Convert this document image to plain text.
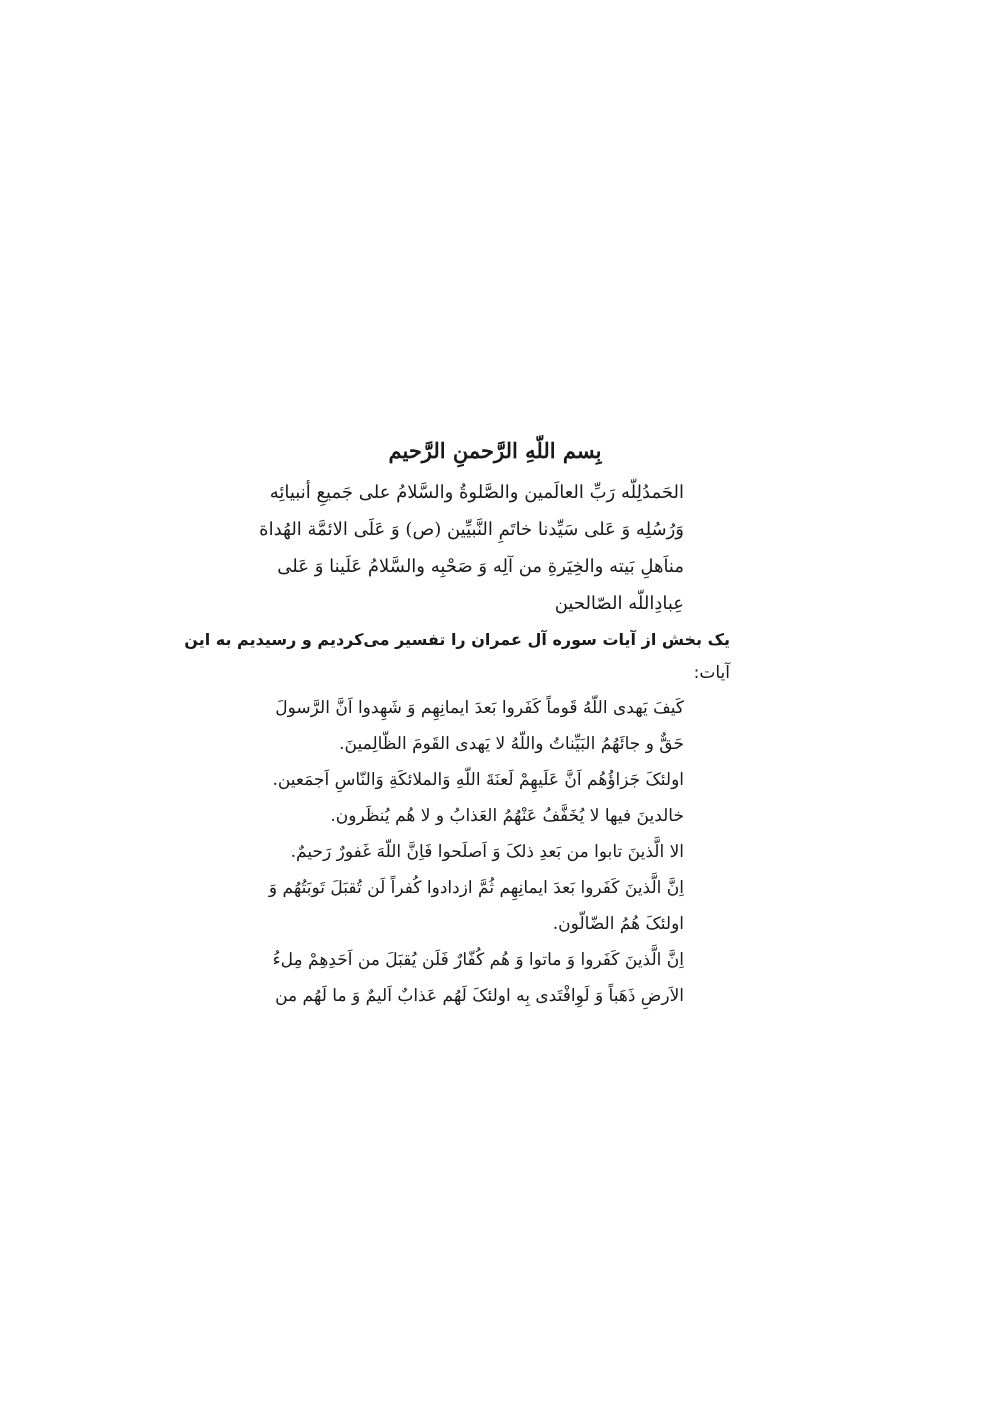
بِسم اللّهِ الرَّحمنِ الرَّحيم
الحَمدُلِلّه رَبِّ العالَمين والصَّلوةُ والسَّلامُ علی جَميعِ أنبيائِه
وَرُسُلِه وَ عَلی سَيِّدنا خاتَمِ النَّبيِّين (ص) وَ عَلَی الائمَّة الهُداة
مناَهلِ بَيته والخِيَرةِ من آلِه وَ صَحْبِه والسَّلامُ عَلَينا وَ عَلی
عِبادِاللّه الصّالحين
یک بخش از آیات سوره آل عمران را تفسير می‌کرديم و رسيديم به اين
آيات:
کَيفَ يَهدی اللّهُ قَوماً کَفَروا بَعدَ ايمانِهِم وَ شَهِدوا اَنَّ الرَّسولَ
حَقٌّ و جائَهُمُ البَيِّناتُ واللّهُ لا يَهدی القَومَ الظّالِمينَ.
اولئکَ جَزاؤُهُم اَنَّ عَلَيهِمْ لَعنَةَ اللّهِ وَالملائکَةِ وَالنّاسِ اَجمَعين.
خالدينَ فيها لا يُخَفَّفُ عَنْهُمُ العَذابُ و لا هُم يُنظَرون.
الا الَّذينَ تابوا من بَعدِ ذلکَ وَ اَصلَحوا فَاِنَّ اللّهَ غَفورٌ رَحيمٌ.
اِنَّ الَّذينَ کَفَروا بَعدَ ايمانِهِم ثُمَّ ازدادوا کُفراً لَن تُقبَلَ تَوبَتُهُم وَ
اولئکَ هُمُ الضّالّون.
اِنَّ الَّذينَ کَفَروا وَ ماتوا وَ هُم کُفّارٌ فَلَن يُقبَلَ من اَحَدِهِمْ مِلءُ
الاَرضِ ذَهَباً وَ لَوِافْتَدی بِه اولئکَ لَهُم عَذابٌ اَليمٌ وَ ما لَهُم من
